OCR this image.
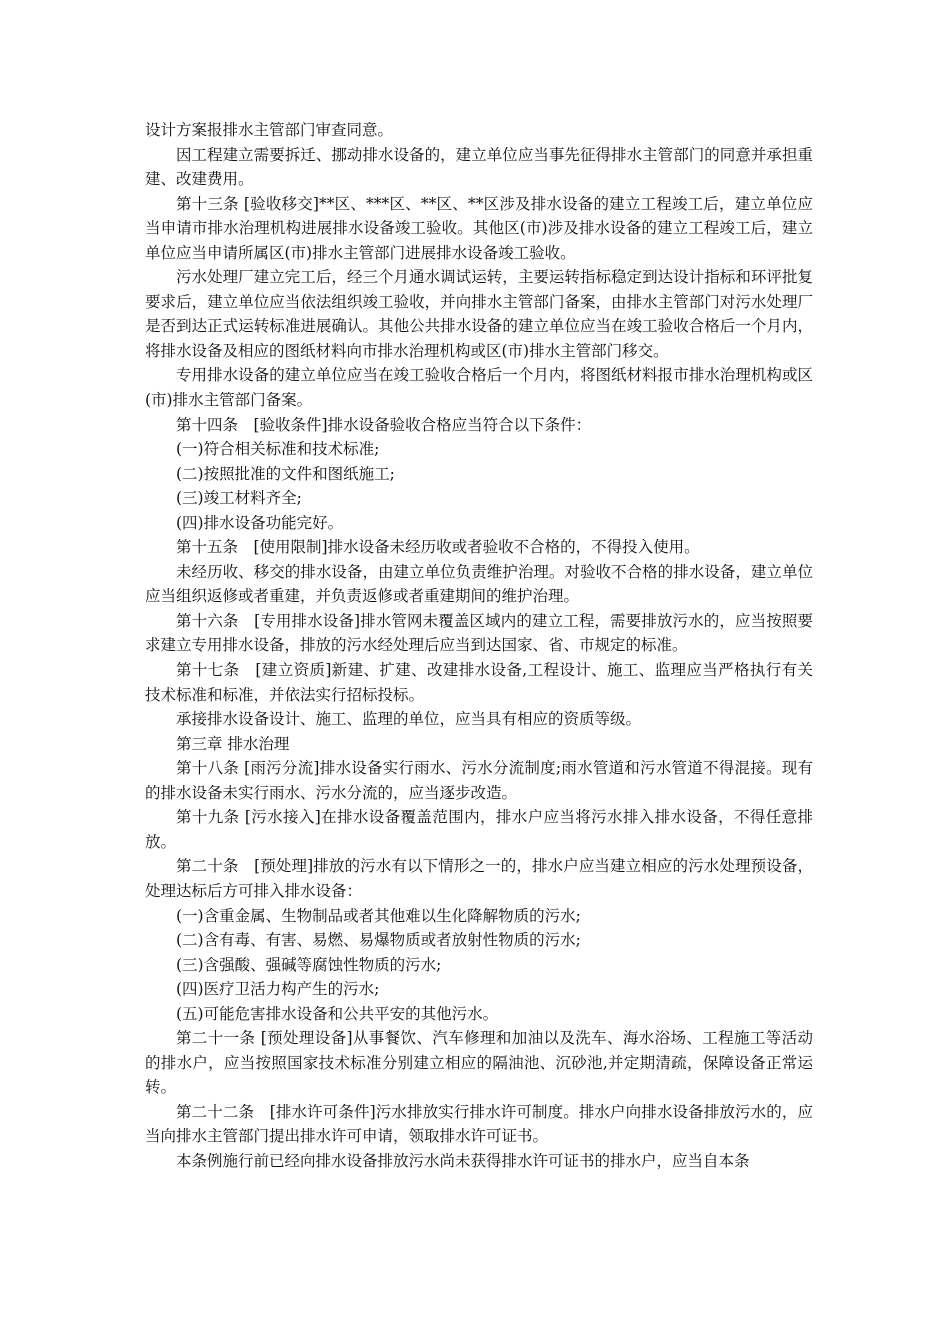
设计方案报排水主管部门审查同意。

因工程建立需要拆迁、挪动排水设备的，建立单位应当事先征得排水主管部门的同意并承担重建、改建费用。

第十三条 [验收移交]**区、***区、**区、**区涉及排水设备的建立工程竣工后，建立单位应当申请市排水治理机构进展排水设备竣工验收。其他区(市)涉及排水设备的建立工程竣工后，建立单位应当申请所属区(市)排水主管部门进展排水设备竣工验收。

污水处理厂建立完工后，经三个月通水调试运转，主要运转指标稳定到达设计指标和环评批复要求后，建立单位应当依法组织竣工验收，并向排水主管部门备案，由排水主管部门对污水处理厂是否到达正式运转标准进展确认。其他公共排水设备的建立单位应当在竣工验收合格后一个月内，将排水设备及相应的图纸材料向市排水治理机构或区(市)排水主管部门移交。

专用排水设备的建立单位应当在竣工验收合格后一个月内，将图纸材料报市排水治理机构或区(市)排水主管部门备案。

第十四条　[验收条件]排水设备验收合格应当符合以下条件：

(一)符合相关标准和技术标准;

(二)按照批准的文件和图纸施工;

(三)竣工材料齐全;

(四)排水设备功能完好。

第十五条　[使用限制]排水设备未经历收或者验收不合格的，不得投入使用。

未经历收、移交的排水设备，由建立单位负责维护治理。对验收不合格的排水设备，建立单位应当组织返修或者重建，并负责返修或者重建期间的维护治理。

第十六条　[专用排水设备]排水管网未覆盖区域内的建立工程，需要排放污水的，应当按照要求建立专用排水设备，排放的污水经处理后应当到达国家、省、市规定的标准。

第十七条　[建立资质]新建、扩建、改建排水设备,工程设计、施工、监理应当严格执行有关技术标准和标准，并依法实行招标投标。

承接排水设备设计、施工、监理的单位，应当具有相应的资质等级。

第三章 排水治理

第十八条 [雨污分流]排水设备实行雨水、污水分流制度;雨水管道和污水管道不得混接。现有的排水设备未实行雨水、污水分流的，应当逐步改造。

第十九条 [污水接入]在排水设备覆盖范围内，排水户应当将污水排入排水设备，不得任意排放。

第二十条　[预处理]排放的污水有以下情形之一的，排水户应当建立相应的污水处理预设备，处理达标后方可排入排水设备：

(一)含重金属、生物制品或者其他难以生化降解物质的污水;

(二)含有毒、有害、易燃、易爆物质或者放射性物质的污水;

(三)含强酸、强碱等腐蚀性物质的污水;

(四)医疗卫活力构产生的污水;

(五)可能危害排水设备和公共平安的其他污水。

第二十一条 [预处理设备]从事餐饮、汽车修理和加油以及洗车、海水浴场、工程施工等活动的排水户，应当按照国家技术标准分别建立相应的隔油池、沉砂池,并定期清疏，保障设备正常运转。

第二十二条　[排水许可条件]污水排放实行排水许可制度。排水户向排水设备排放污水的，应当向排水主管部门提出排水许可申请，领取排水许可证书。

本条例施行前已经向排水设备排放污水尚未获得排水许可证书的排水户，应当自本条
